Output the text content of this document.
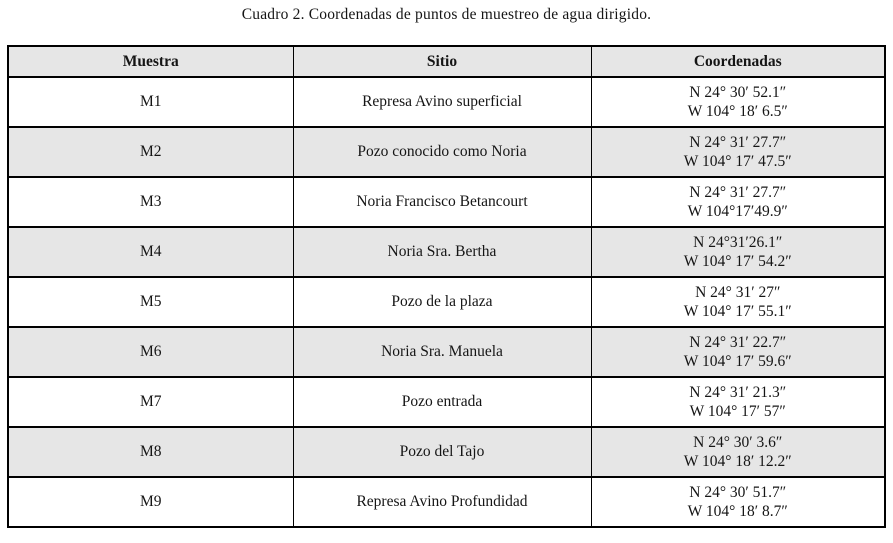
Cuadro 2. Coordenadas de puntos de muestreo de agua dirigido.
Muestra	Sitio	Coordenadas
M1	Represa Avino superficial	N 24° 30′ 52.1″
W 104° 18′ 6.5″

M2	Pozo conocido como Noria	N 24° 31′ 27.7″
W 104° 17′ 47.5″

M3	Noria Francisco Betancourt	N 24° 31′ 27.7″
W 104°17′49.9″

M4	Noria Sra. Bertha	N 24°31′26.1″
W 104° 17′ 54.2″

M5	Pozo de la plaza	N 24° 31′ 27″
W 104° 17′ 55.1″

M6	Noria Sra. Manuela	N 24° 31′ 22.7″
W 104° 17′ 59.6″

M7	Pozo entrada	N 24° 31′ 21.3″
W 104° 17′ 57″

M8	Pozo del Tajo	N 24° 30′ 3.6″
W 104° 18′ 12.2″

M9	Represa Avino Profundidad	N 24° 30′ 51.7″
W 104° 18′ 8.7″
